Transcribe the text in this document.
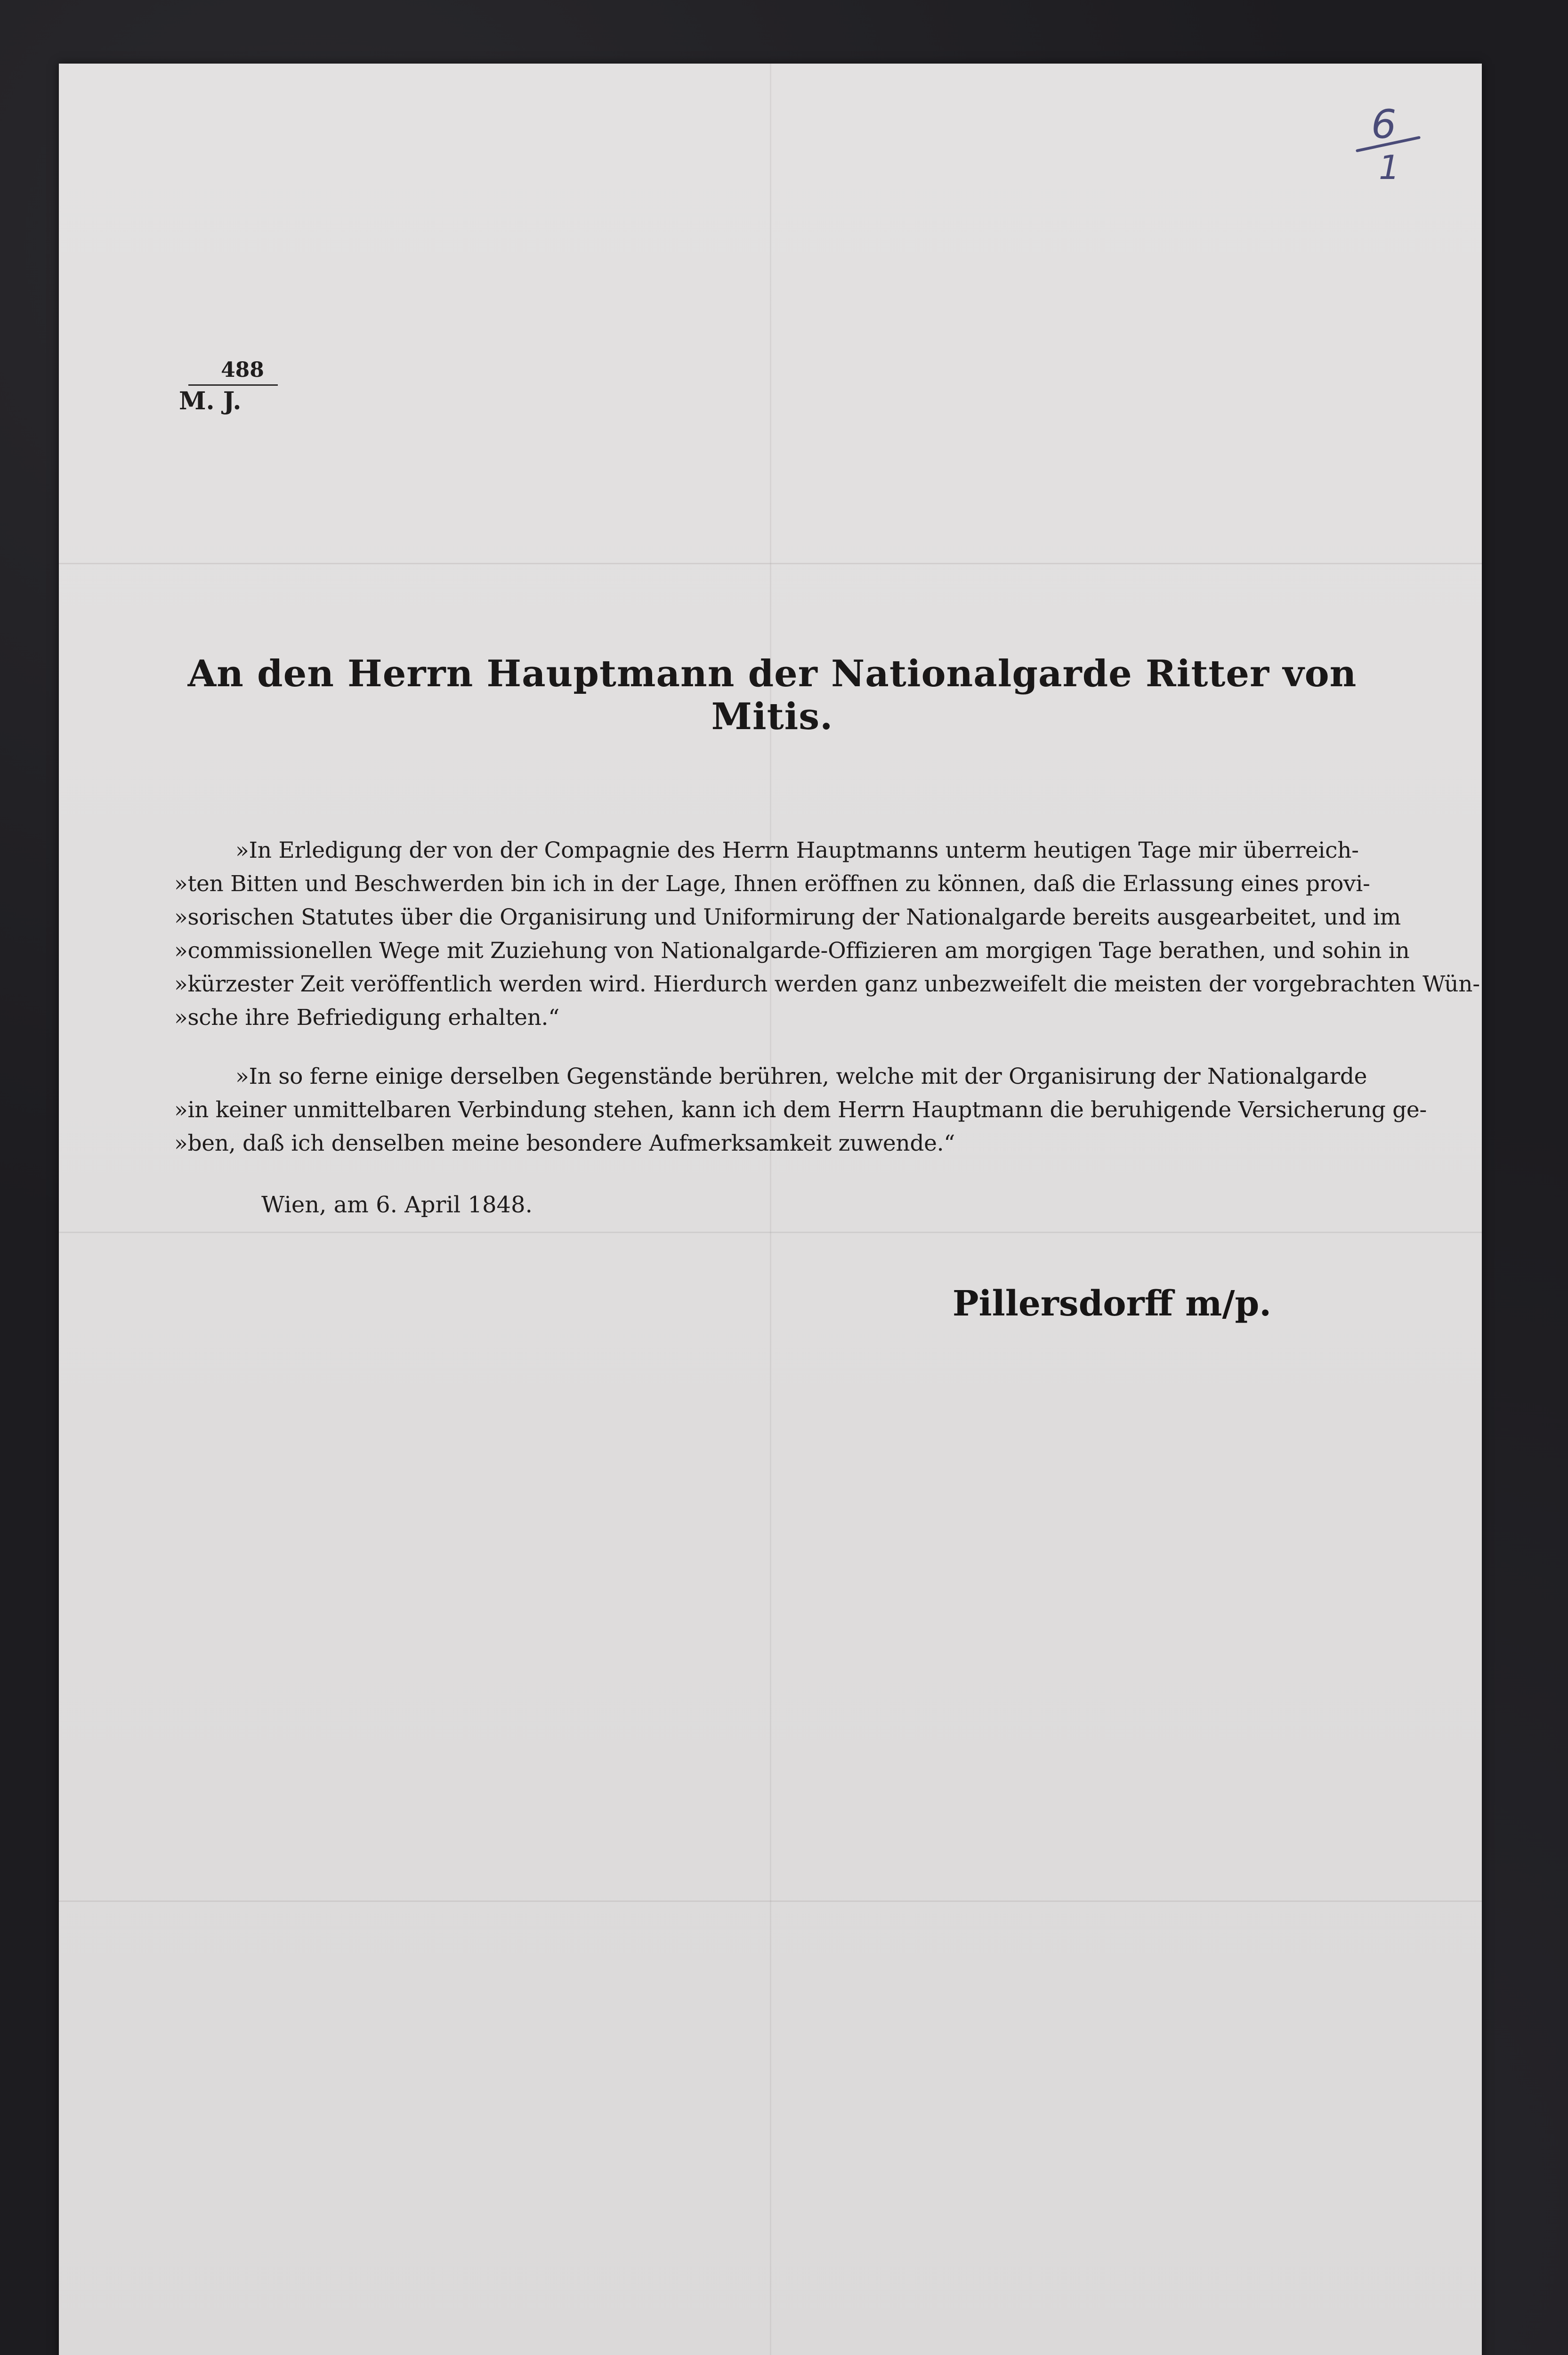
6
1
488
M. J.
An den Herrn Hauptmann der Nationalgarde Ritter von Mitis.
»In Erledigung der von der Compagnie des Herrn Hauptmanns unterm heutigen Tage mir überreich-
»ten Bitten und Beschwerden bin ich in der Lage, Ihnen eröffnen zu können, daß die Erlassung eines provi-
»sorischen Statutes über die Organisirung und Uniformirung der Nationalgarde bereits ausgearbeitet, und im
»commissionellen Wege mit Zuziehung von Nationalgarde-Offizieren am morgigen Tage berathen, und sohin in
»kürzester Zeit veröffentlich werden wird. Hierdurch werden ganz unbezweifelt die meisten der vorgebrachten Wün-
»sche ihre Befriedigung erhalten.“
»In so ferne einige derselben Gegenstände berühren, welche mit der Organisirung der Nationalgarde
»in keiner unmittelbaren Verbindung stehen, kann ich dem Herrn Hauptmann die beruhigende Versicherung ge-
»ben, daß ich denselben meine besondere Aufmerksamkeit zuwende.“
Wien, am 6. April 1848.
Pillersdorff m/p.
